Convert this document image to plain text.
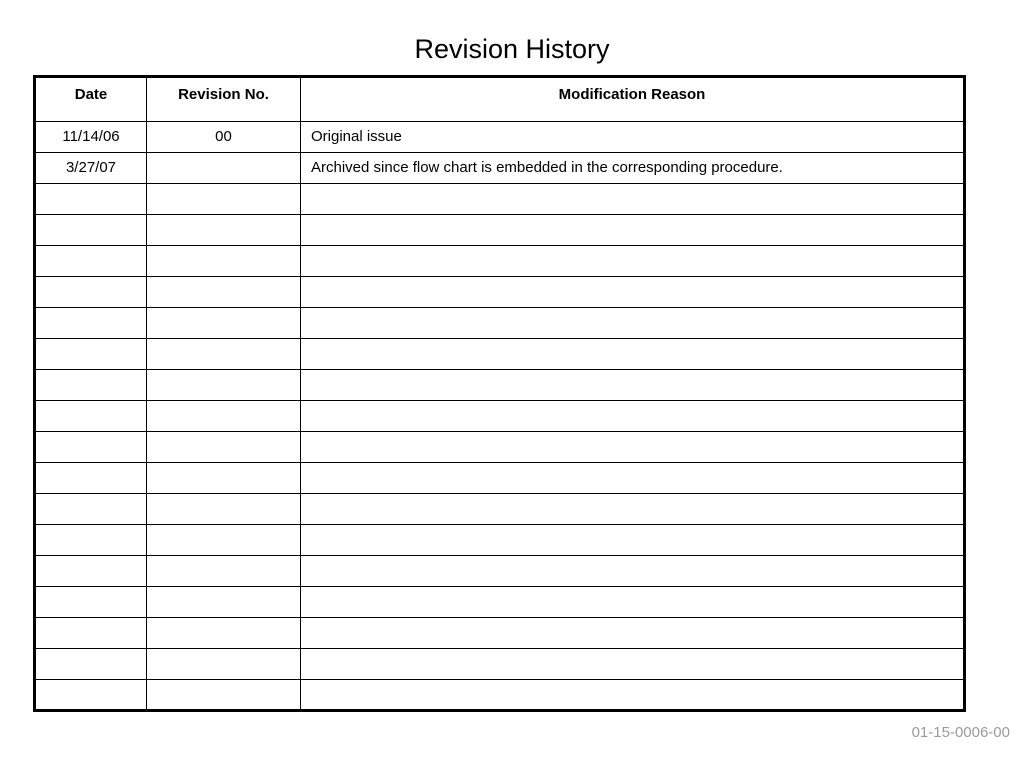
Revision History
Date	Revision No.	Modification Reason
11/14/06	00	Original issue
3/27/07		Archived since flow chart is embedded in the corresponding procedure.

01-15-0006-00
